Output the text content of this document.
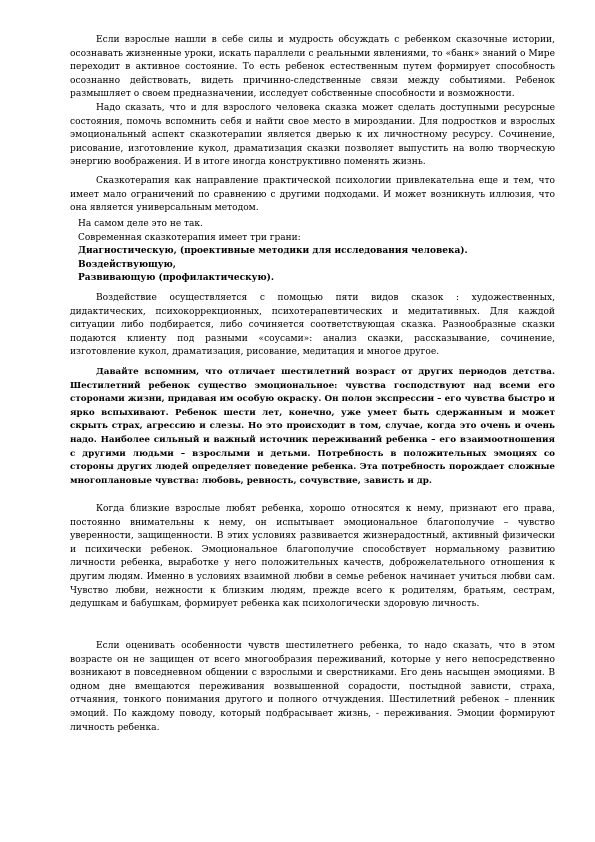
Если взрослые нашли в себе силы и мудрость обсуждать с ребенком сказочные истории, осознавать жизненные уроки, искать параллели с реальными явлениями, то «банк» знаний о Мире переходит в активное состояние. То есть ребенок естественным путем формирует способность осознанно действовать, видеть причинно-следственные связи между событиями. Ребенок размышляет о своем предназначении, исследует собственные способности и возможности.

Надо сказать, что и для взрослого человека сказка может сделать доступными ресурсные состояния, помочь вспомнить себя и найти свое место в мироздании. Для подростков и взрослых эмоциональный аспект сказкотерапии является дверью к их личностному ресурсу. Сочинение, рисование, изготовление кукол, драматизация сказки позволяет выпустить на волю творческую энергию воображения. И в итоге иногда конструктивно поменять жизнь.

Сказкотерапия как направление практической психологии привлекательна еще и тем, что имеет мало ограничений по сравнению с другими подходами. И может возникнуть иллюзия, что она является универсальным методом.

На самом деле это не так.

Современная сказкотерапия имеет три грани:

Диагностическую, (проективные методики для исследования человека).

Воздействующую,

Развивающую (профилактическую).

Воздействие осуществляется с помощью пяти видов сказок : художественных, дидактических, психокоррекционных, психотерапевтических и медитативных. Для каждой ситуации либо подбирается, либо сочиняется соответствующая сказка. Разнообразные сказки подаются клиенту под разными «соусами»: анализ сказки, рассказывание, сочинение, изготовление кукол, драматизация, рисование, медитация и многое другое.

Давайте вспомним, что отличает шестилетний возраст от других периодов детства. Шестилетний ребенок существо эмоциональное: чувства господствуют над всеми его сторонами жизни, придавая им особую окраску. Он полон экспрессии – его чувства быстро и ярко вспыхивают. Ребенок шести лет, конечно, уже умеет быть сдержанным и может скрыть страх, агрессию и слезы. Но это происходит в том, случае, когда это очень и очень надо. Наиболее сильный и важный источник переживаний ребенка – его взаимоотношения с другими людьми – взрослыми и детьми. Потребность в положительных эмоциях со стороны других людей определяет поведение ребенка. Эта потребность порождает сложные многоплановые чувства: любовь, ревность, сочувствие, зависть и др.

Когда близкие взрослые любят ребенка, хорошо относятся к нему, признают его права, постоянно внимательны к нему, он испытывает эмоциональное благополучие – чувство уверенности, защищенности. В этих условиях развивается жизнерадостный, активный физически и психически ребенок. Эмоциональное благополучие способствует нормальному развитию личности ребенка, выработке у него положительных качеств, доброжелательного отношения к другим людям. Именно в условиях взаимной любви в семье ребенок начинает учиться любви сам. Чувство любви, нежности к близким людям, прежде всего к родителям, братьям, сестрам, дедушкам и бабушкам, формирует ребенка как психологически здоровую личность.

Если оценивать особенности чувств шестилетнего ребенка, то надо сказать, что в этом возрасте он не защищен от всего многообразия переживаний, которые у него непосредственно возникают в повседневном общении с взрослыми и сверстниками. Его день насыщен эмоциями. В одном дне вмещаются переживания возвышенной сорадости, постыдной зависти, страха, отчаяния, тонкого понимания другого и полного отчуждения. Шестилетний ребенок – пленник эмоций. По каждому поводу, который подбрасывает жизнь, - переживания. Эмоции формируют личность ребенка.
